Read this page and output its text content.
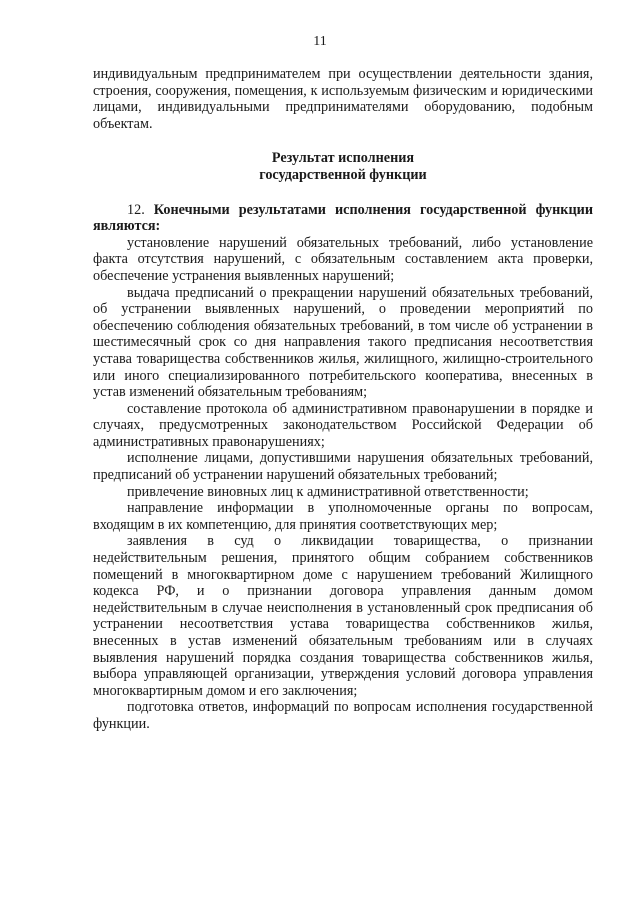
11

индивидуальным предпринимателем при осуществлении деятельности здания, строения, сооружения, помещения, к используемым физическим и юридическими лицами, индивидуальными предпринимателями оборудованию, подобным объектам.

Результат исполнения
государственной функции

12. Конечными результатами исполнения государственной функции являются:

установление нарушений обязательных требований, либо установление факта отсутствия нарушений, с обязательным составлением акта проверки, обеспечение устранения выявленных нарушений;

выдача предписаний о прекращении нарушений обязательных требований, об устранении выявленных нарушений, о проведении мероприятий по обеспечению соблюдения обязательных требований, в том числе об устранении в шестимесячный срок со дня направления такого предписания несоответствия устава товарищества собственников жилья, жилищного, жилищно-строительного или иного специализированного потребительского кооператива, внесенных в устав изменений обязательным требованиям;

составление протокола об административном правонарушении в порядке и случаях, предусмотренных законодательством Российской Федерации об административных правонарушениях;

исполнение лицами, допустившими нарушения обязательных требований, предписаний об устранении нарушений обязательных требований;

привлечение виновных лиц к административной ответственности;

направление информации в уполномоченные органы по вопросам, входящим в их компетенцию, для принятия соответствующих мер;

заявления в суд о ликвидации товарищества, о признании недействительным решения, принятого общим собранием собственников помещений в многоквартирном доме с нарушением требований Жилищного кодекса РФ, и о признании договора управления данным домом недействительным в случае неисполнения в установленный срок предписания об устранении несоответствия устава товарищества собственников жилья, внесенных в устав изменений обязательным требованиям или в случаях выявления нарушений порядка создания товарищества собственников жилья, выбора управляющей организации, утверждения условий договора управления многоквартирным домом и его заключения;

подготовка ответов, информаций по вопросам исполнения государственной функции.
